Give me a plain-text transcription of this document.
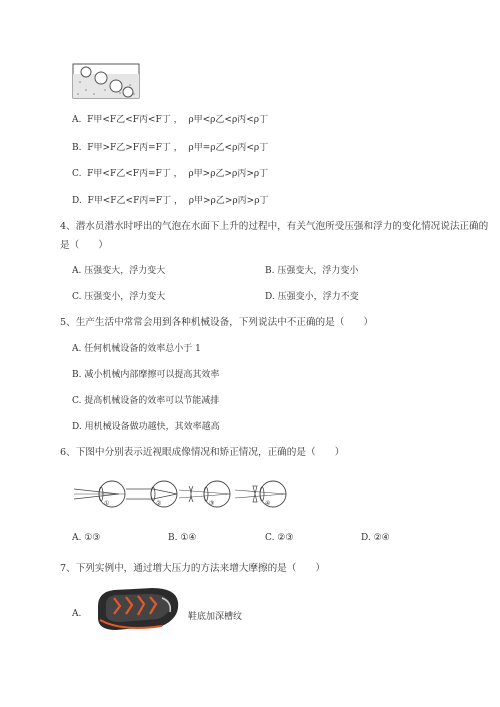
A. F甲<F乙<F丙<F丁 ，  ρ甲<ρ乙<ρ丙<ρ丁
B. F甲>F乙>F丙=F丁 ，  ρ甲=ρ乙<ρ丙<ρ丁
C. F甲<F乙<F丙=F丁 ，  ρ甲>ρ乙>ρ丙>ρ丁
D. F甲<F乙<F丙=F丁 ，  ρ甲>ρ乙>ρ丙>ρ丁
4、潜水员潜水时呼出的气泡在水面下上升的过程中，有关气泡所受压强和浮力的变化情况说法正确的
是（　　）
A. 压强变大，浮力变大	B. 压强变大，浮力变小
C. 压强变小，浮力变大	D. 压强变小，浮力不变
5、生产生活中常常会用到各种机械设备，下列说法中不正确的是（　　）
A. 任何机械设备的效率总小于 1
B. 减小机械内部摩擦可以提高其效率
C. 提高机械设备的效率可以节能减排
D. 用机械设备做功越快，其效率越高
6、下图中分别表示近视眼成像情况和矫正情况，正确的是（　　）
①	②	③	④
A. ①③	B. ①④	C. ②③	D. ②④
7、下列实例中，通过增大压力的方法来增大摩擦的是（　　）
A.	鞋底加深槽纹
